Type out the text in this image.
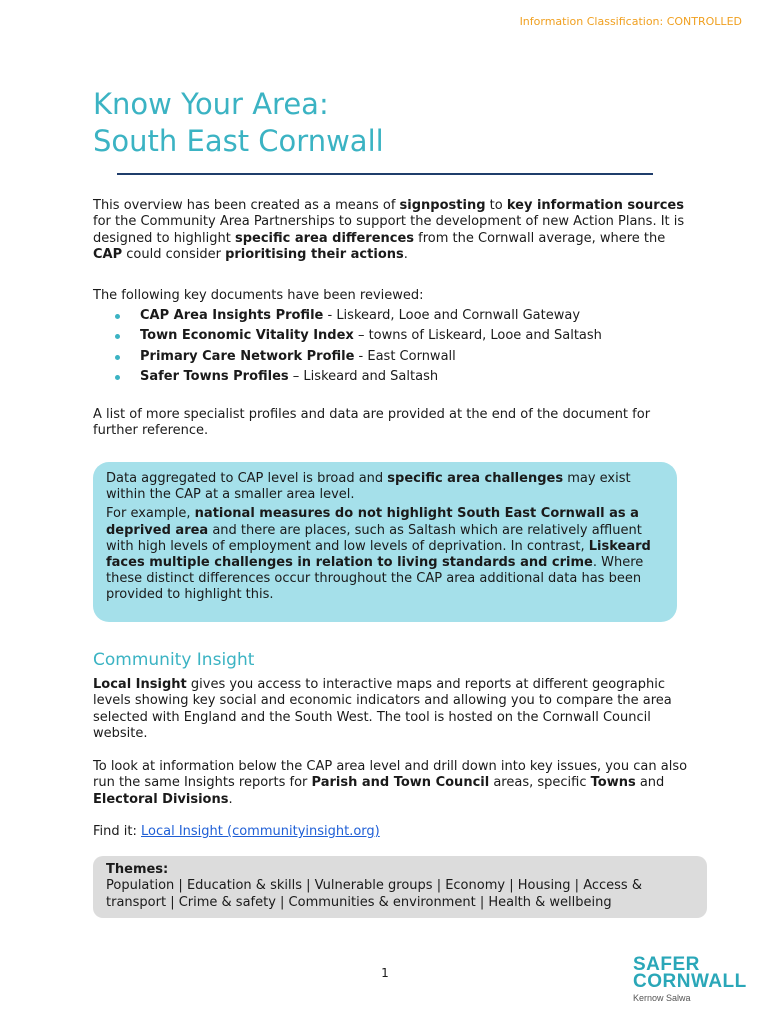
Information Classification: CONTROLLED
Know Your Area:
South East Cornwall

This overview has been created as a means of signposting to key information sources for the Community Area Partnerships to support the development of new Action Plans. It is designed to highlight specific area differences from the Cornwall average, where the CAP could consider prioritising their actions.

The following key documents have been reviewed:

CAP Area Insights Profile - Liskeard, Looe and Cornwall Gateway
Town Economic Vitality Index – towns of Liskeard, Looe and Saltash
Primary Care Network Profile - East Cornwall
Safer Towns Profiles – Liskeard and Saltash

A list of more specialist profiles and data are provided at the end of the document for further reference.

Data aggregated to CAP level is broad and specific area challenges may exist within the CAP at a smaller area level.

For example, national measures do not highlight South East Cornwall as a deprived area and there are places, such as Saltash which are relatively affluent with high levels of employment and low levels of deprivation. In contrast, Liskeard faces multiple challenges in relation to living standards and crime. Where these distinct differences occur throughout the CAP area additional data has been provided to highlight this.

Community Insight

Local Insight gives you access to interactive maps and reports at different geographic levels showing key social and economic indicators and allowing you to compare the area selected with England and the South West. The tool is hosted on the Cornwall Council website.

To look at information below the CAP area level and drill down into key issues, you can also run the same Insights reports for Parish and Town Council areas, specific Towns and Electoral Divisions.

Find it: Local Insight (communityinsight.org)

Themes:

Population | Education & skills | Vulnerable groups | Economy | Housing | Access & transport | Crime & safety | Communities & environment | Health & wellbeing

1	SAFER
CORNWALL
Kernow Salwa
